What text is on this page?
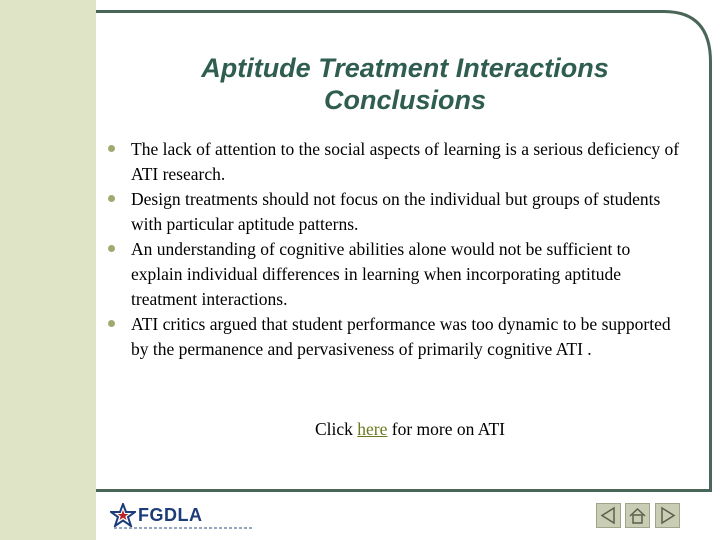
Aptitude Treatment Interactions
Conclusions
The lack of attention to the social aspects of learning is a serious deficiency of ATI research.
Design treatments should not focus on the individual but groups of students with particular aptitude patterns.
An understanding of cognitive abilities alone would not be sufficient to explain individual differences in learning when incorporating aptitude treatment interactions.
ATI critics argued that student performance was too dynamic to be supported by the permanence and pervasiveness of primarily cognitive ATI .
Click here for more on ATI
FGDLA
